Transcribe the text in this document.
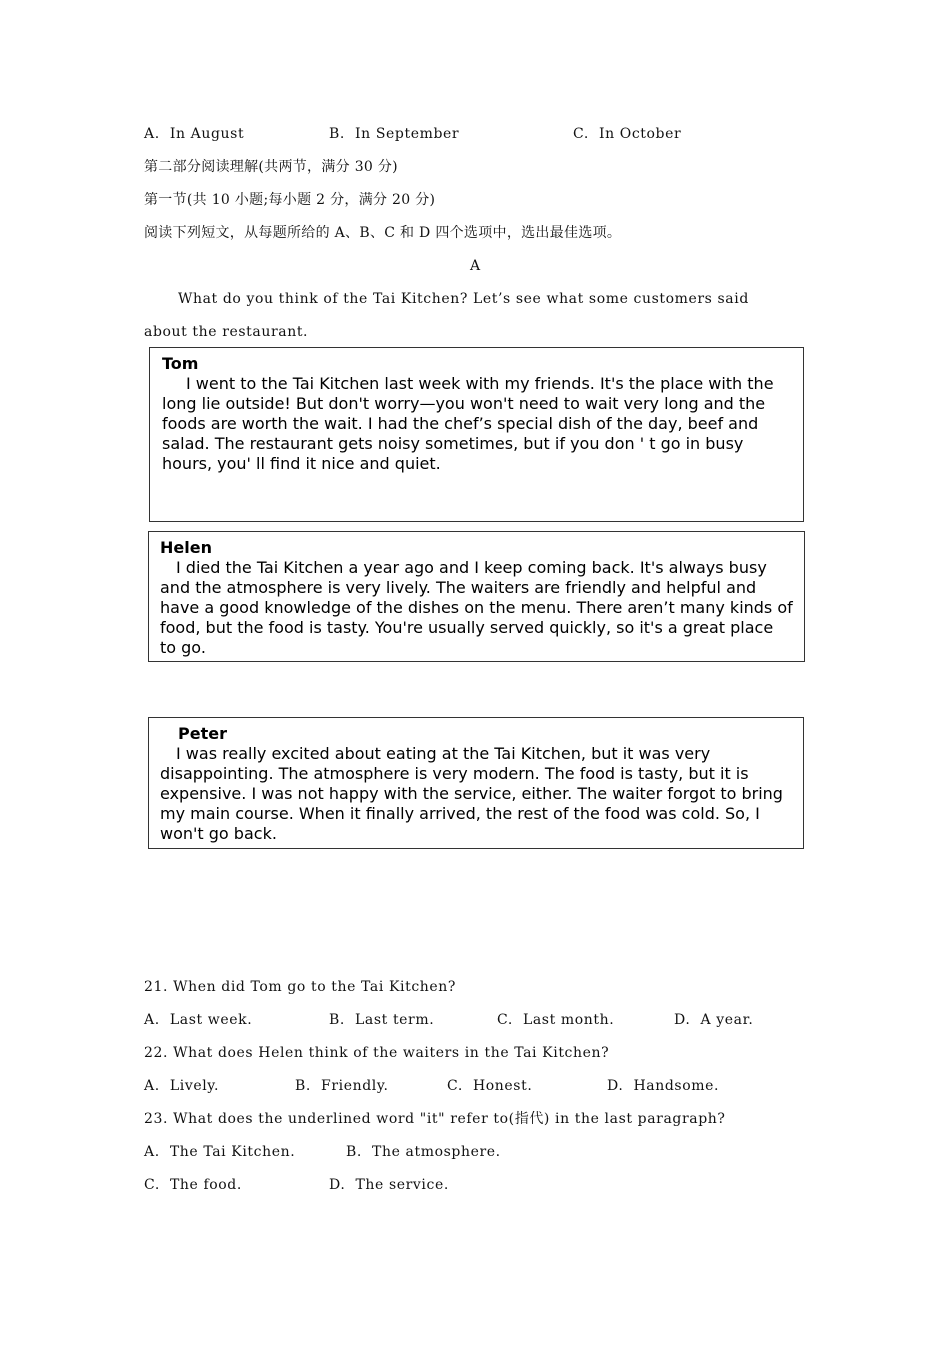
A.  In August	B.  In September	C.  In October
第二部分阅读理解(共两节，满分 30 分)
第一节(共 10 小题;每小题 2 分，满分 20 分)
阅读下列短文，从每题所给的 A、B、C 和 D 四个选项中，选出最佳选项。
A
What do you think of the Tai Kitchen? Let’s see what some customers said
about the restaurant.
Tom

I went to the Tai Kitchen last week with my friends. It's the place with the long lie outside! But don't worry—you won't need to wait very long and the foods are worth the wait. I had the chef’s special dish of the day, beef and salad. The restaurant gets noisy sometimes, but if you don ' t go in busy hours, you' ll find it nice and quiet.

Helen

I died the Tai Kitchen a year ago and I keep coming back. It's always busy and the atmosphere is very lively. The waiters are friendly and helpful and have a good knowledge of the dishes on the menu. There aren’t many kinds of food, but the food is tasty. You're usually served quickly, so it's a great place to go.

Peter

I was really excited about eating at the Tai Kitchen, but it was very disappointing. The atmosphere is very modern. The food is tasty, but it is expensive. I was not happy with the service, either. The waiter forgot to bring my main course. When it finally arrived, the rest of the food was cold. So, I won't go back.

21. When did Tom go to the Tai Kitchen?
A.  Last week.	B.  Last term.	C.  Last month.	D.  A year.
22. What does Helen think of the waiters in the Tai Kitchen?
A.  Lively.	B.  Friendly.	C.  Honest.	D.  Handsome.
23. What does the underlined word "it" refer to(指代) in the last paragraph?
A.  The Tai Kitchen.	B.  The atmosphere.
C.  The food.	D.  The service.
